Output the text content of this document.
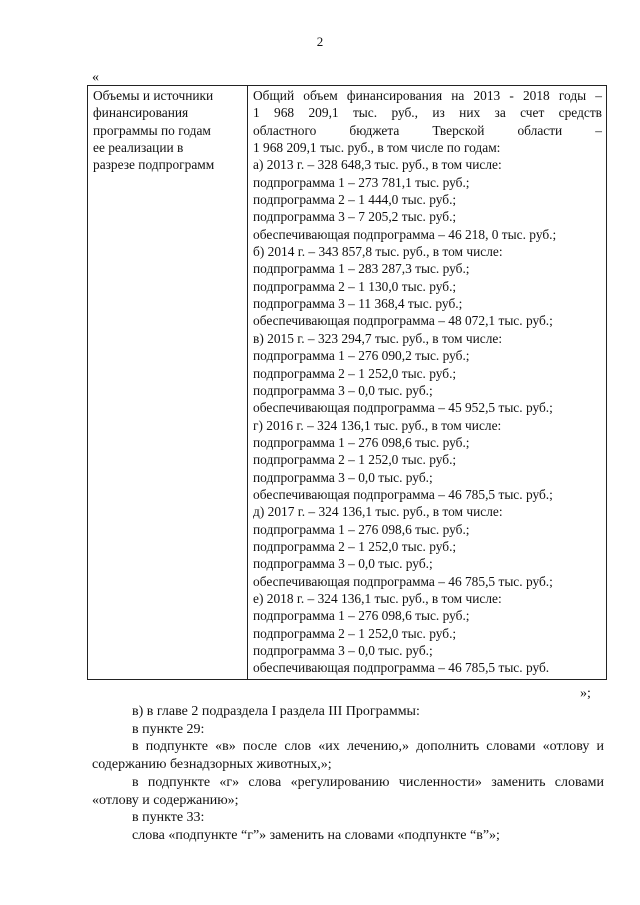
2
«
Объемы и источники
финансирования
программы по годам
ее реализации в
разрезе подпрограмм

Общий объем финансирования на 2013 - 2018 годы –
1 968 209,1 тыс. руб., из них за счет средств
областного бюджета Тверской области –
1 968 209,1 тыс. руб., в том числе по годам:
а) 2013 г. – 328 648,3 тыс. руб., в том числе:
подпрограмма 1 – 273 781,1 тыс. руб.;
подпрограмма 2 – 1 444,0 тыс. руб.;
подпрограмма 3 – 7 205,2 тыс. руб.;
обеспечивающая подпрограмма – 46 218, 0 тыс. руб.;
б) 2014 г. – 343 857,8 тыс. руб., в том числе:
подпрограмма 1 – 283 287,3 тыс. руб.;
подпрограмма 2 – 1 130,0 тыс. руб.;
подпрограмма 3 – 11 368,4 тыс. руб.;
обеспечивающая подпрограмма – 48 072,1 тыс. руб.;
в) 2015 г. – 323 294,7 тыс. руб., в том числе:
подпрограмма 1 – 276 090,2 тыс. руб.;
подпрограмма 2 – 1 252,0 тыс. руб.;
подпрограмма 3 – 0,0 тыс. руб.;
обеспечивающая подпрограмма – 45 952,5 тыс. руб.;
г) 2016 г. – 324 136,1 тыс. руб., в том числе:
подпрограмма 1 – 276 098,6 тыс. руб.;
подпрограмма 2 – 1 252,0 тыс. руб.;
подпрограмма 3 – 0,0 тыс. руб.;
обеспечивающая подпрограмма – 46 785,5 тыс. руб.;
д) 2017 г. – 324 136,1 тыс. руб., в том числе:
подпрограмма 1 – 276 098,6 тыс. руб.;
подпрограмма 2 – 1 252,0 тыс. руб.;
подпрограмма 3 – 0,0 тыс. руб.;
обеспечивающая подпрограмма – 46 785,5 тыс. руб.;
е) 2018 г. – 324 136,1 тыс. руб., в том числе:
подпрограмма 1 – 276 098,6 тыс. руб.;
подпрограмма 2 – 1 252,0 тыс. руб.;
подпрограмма 3 – 0,0 тыс. руб.;
обеспечивающая подпрограмма – 46 785,5 тыс. руб.
»;

в) в главе 2 подраздела I раздела III Программы:

в пункте 29:

в подпункте «в» после слов «их лечению,» дополнить словами «отлову и содержанию безнадзорных животных,»;

в подпункте «г» слова «регулированию численности» заменить словами «отлову и содержанию»;

в пункте 33:

слова «подпункте “г”» заменить на словами «подпункте “в”»;
